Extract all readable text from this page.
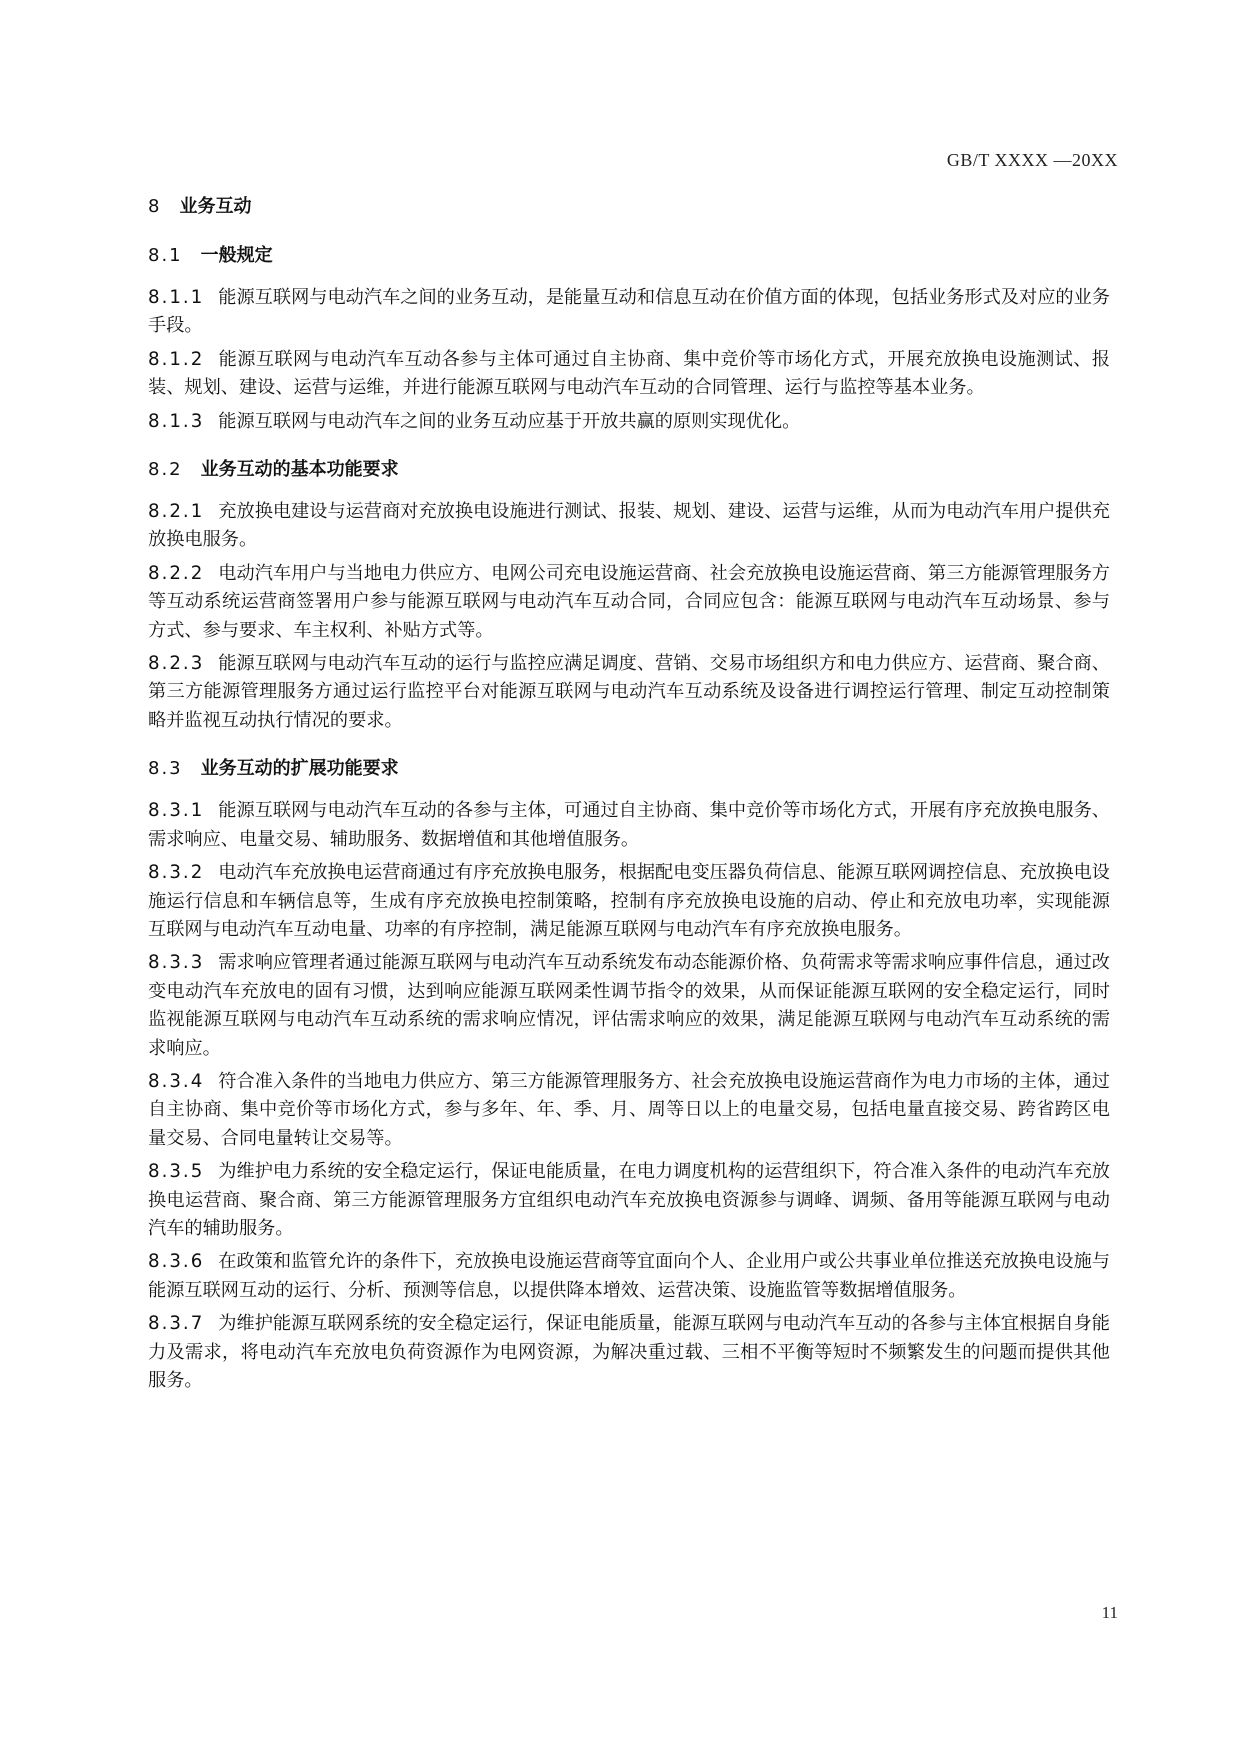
GB/T XXXX —20XX
8 业务互动
8.1 一般规定

8.1.1 能源互联网与电动汽车之间的业务互动，是能量互动和信息互动在价值方面的体现，包括业务形式及对应的业务手段。

8.1.2 能源互联网与电动汽车互动各参与主体可通过自主协商、集中竞价等市场化方式，开展充放换电设施测试、报装、规划、建设、运营与运维，并进行能源互联网与电动汽车互动的合同管理、运行与监控等基本业务。

8.1.3 能源互联网与电动汽车之间的业务互动应基于开放共赢的原则实现优化。

8.2 业务互动的基本功能要求

8.2.1 充放换电建设与运营商对充放换电设施进行测试、报装、规划、建设、运营与运维，从而为电动汽车用户提供充放换电服务。

8.2.2 电动汽车用户与当地电力供应方、电网公司充电设施运营商、社会充放换电设施运营商、第三方能源管理服务方等互动系统运营商签署用户参与能源互联网与电动汽车互动合同，合同应包含：能源互联网与电动汽车互动场景、参与方式、参与要求、车主权利、补贴方式等。

8.2.3 能源互联网与电动汽车互动的运行与监控应满足调度、营销、交易市场组织方和电力供应方、运营商、聚合商、第三方能源管理服务方通过运行监控平台对能源互联网与电动汽车互动系统及设备进行调控运行管理、制定互动控制策略并监视互动执行情况的要求。

8.3 业务互动的扩展功能要求

8.3.1 能源互联网与电动汽车互动的各参与主体，可通过自主协商、集中竞价等市场化方式，开展有序充放换电服务、需求响应、电量交易、辅助服务、数据增值和其他增值服务。

8.3.2 电动汽车充放换电运营商通过有序充放换电服务，根据配电变压器负荷信息、能源互联网调控信息、充放换电设施运行信息和车辆信息等，生成有序充放换电控制策略，控制有序充放换电设施的启动、停止和充放电功率，实现能源互联网与电动汽车互动电量、功率的有序控制，满足能源互联网与电动汽车有序充放换电服务。

8.3.3 需求响应管理者通过能源互联网与电动汽车互动系统发布动态能源价格、负荷需求等需求响应事件信息，通过改变电动汽车充放电的固有习惯，达到响应能源互联网柔性调节指令的效果，从而保证能源互联网的安全稳定运行，同时监视能源互联网与电动汽车互动系统的需求响应情况，评估需求响应的效果，满足能源互联网与电动汽车互动系统的需求响应。

8.3.4 符合准入条件的当地电力供应方、第三方能源管理服务方、社会充放换电设施运营商作为电力市场的主体，通过自主协商、集中竞价等市场化方式，参与多年、年、季、月、周等日以上的电量交易，包括电量直接交易、跨省跨区电量交易、合同电量转让交易等。

8.3.5 为维护电力系统的安全稳定运行，保证电能质量，在电力调度机构的运营组织下，符合准入条件的电动汽车充放换电运营商、聚合商、第三方能源管理服务方宜组织电动汽车充放换电资源参与调峰、调频、备用等能源互联网与电动汽车的辅助服务。

8.3.6 在政策和监管允许的条件下，充放换电设施运营商等宜面向个人、企业用户或公共事业单位推送充放换电设施与能源互联网互动的运行、分析、预测等信息，以提供降本增效、运营决策、设施监管等数据增值服务。

8.3.7 为维护能源互联网系统的安全稳定运行，保证电能质量，能源互联网与电动汽车互动的各参与主体宜根据自身能力及需求，将电动汽车充放电负荷资源作为电网资源，为解决重过载、三相不平衡等短时不频繁发生的问题而提供其他服务。

11
